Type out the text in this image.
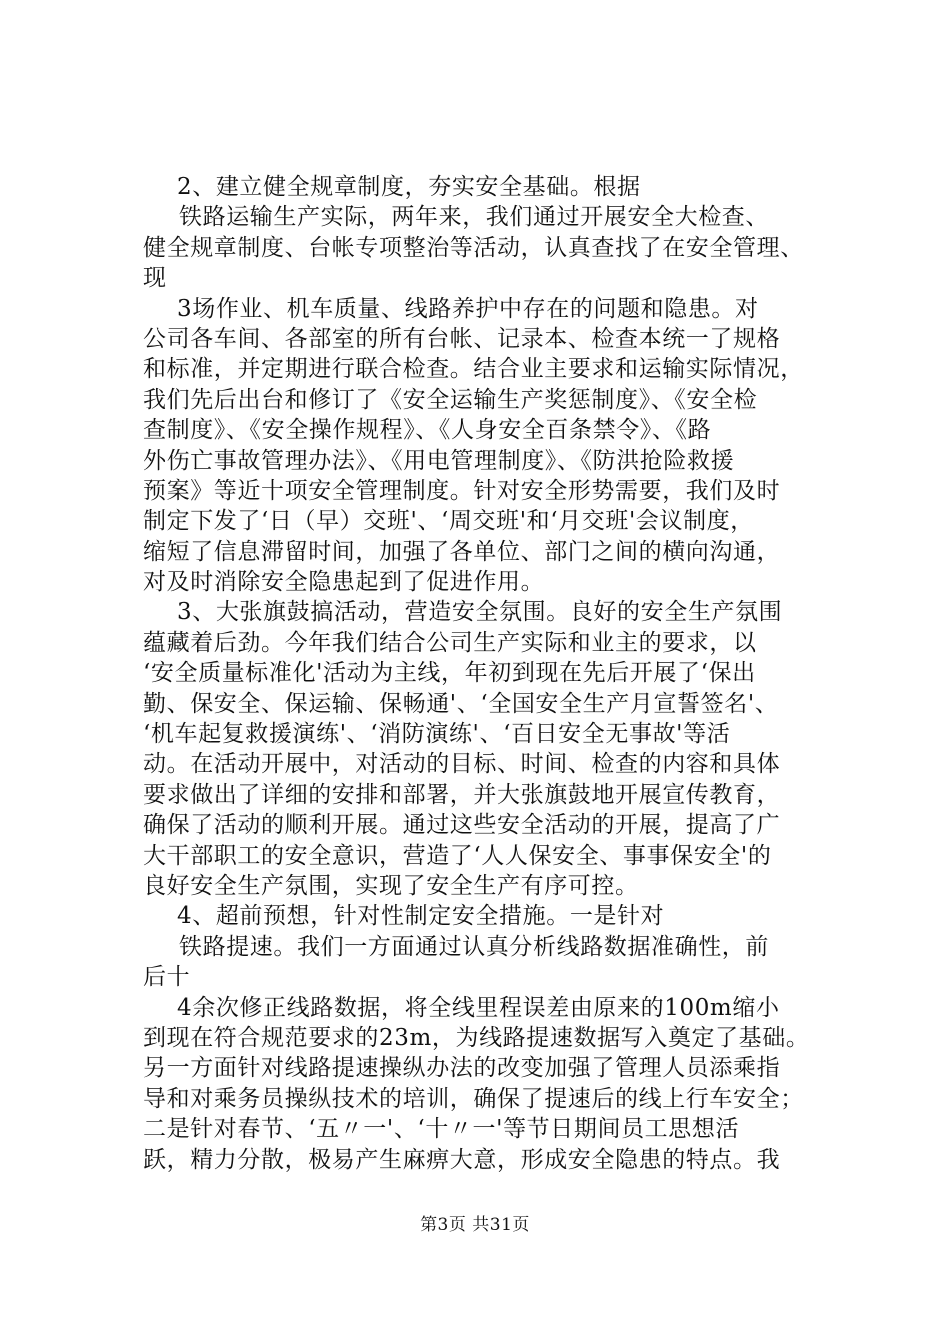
2、建立健全规章制度，夯实安全基础。根据
铁路运输生产实际，两年来，我们通过开展安全大检查、
健全规章制度、台帐专项整治等活动，认真查找了在安全管理、
现
3场作业、机车质量、线路养护中存在的问题和隐患。对
公司各车间、各部室的所有台帐、记录本、检查本统一了规格
和标准，并定期进行联合检查。结合业主要求和运输实际情况，
我们先后出台和修订了《安全运输生产奖惩制度》、《安全检
查制度》、《安全操作规程》、《人身安全百条禁令》、《路
外伤亡事故管理办法》、《用电管理制度》、《防洪抢险救援
预案》等近十项安全管理制度。针对安全形势需要，我们及时
制定下发了‘日（早）交班'、‘周交班'和‘月交班'会议制度，
缩短了信息滞留时间，加强了各单位、部门之间的横向沟通，
对及时消除安全隐患起到了促进作用。
3、大张旗鼓搞活动，营造安全氛围。良好的安全生产氛围
蕴藏着后劲。今年我们结合公司生产实际和业主的要求，以
‘安全质量标准化'活动为主线，年初到现在先后开展了‘保出
勤、保安全、保运输、保畅通'、‘全国安全生产月宣誓签名'、
‘机车起复救援演练'、‘消防演练'、‘百日安全无事故'等活
动。在活动开展中，对活动的目标、时间、检查的内容和具体
要求做出了详细的安排和部署，并大张旗鼓地开展宣传教育，
确保了活动的顺利开展。通过这些安全活动的开展，提高了广
大干部职工的安全意识，营造了‘人人保安全、事事保安全'的
良好安全生产氛围，实现了安全生产有序可控。
4、超前预想，针对性制定安全措施。一是针对
铁路提速。我们一方面通过认真分析线路数据准确性，前
后十
4余次修正线路数据，将全线里程误差由原来的100m缩小
到现在符合规范要求的23m，为线路提速数据写入奠定了基础。
另一方面针对线路提速操纵办法的改变加强了管理人员添乘指
导和对乘务员操纵技术的培训，确保了提速后的线上行车安全；
二是针对春节、‘五〃一'、‘十〃一'等节日期间员工思想活
跃，精力分散，极易产生麻痹大意，形成安全隐患的特点。我
第3页 共31页
